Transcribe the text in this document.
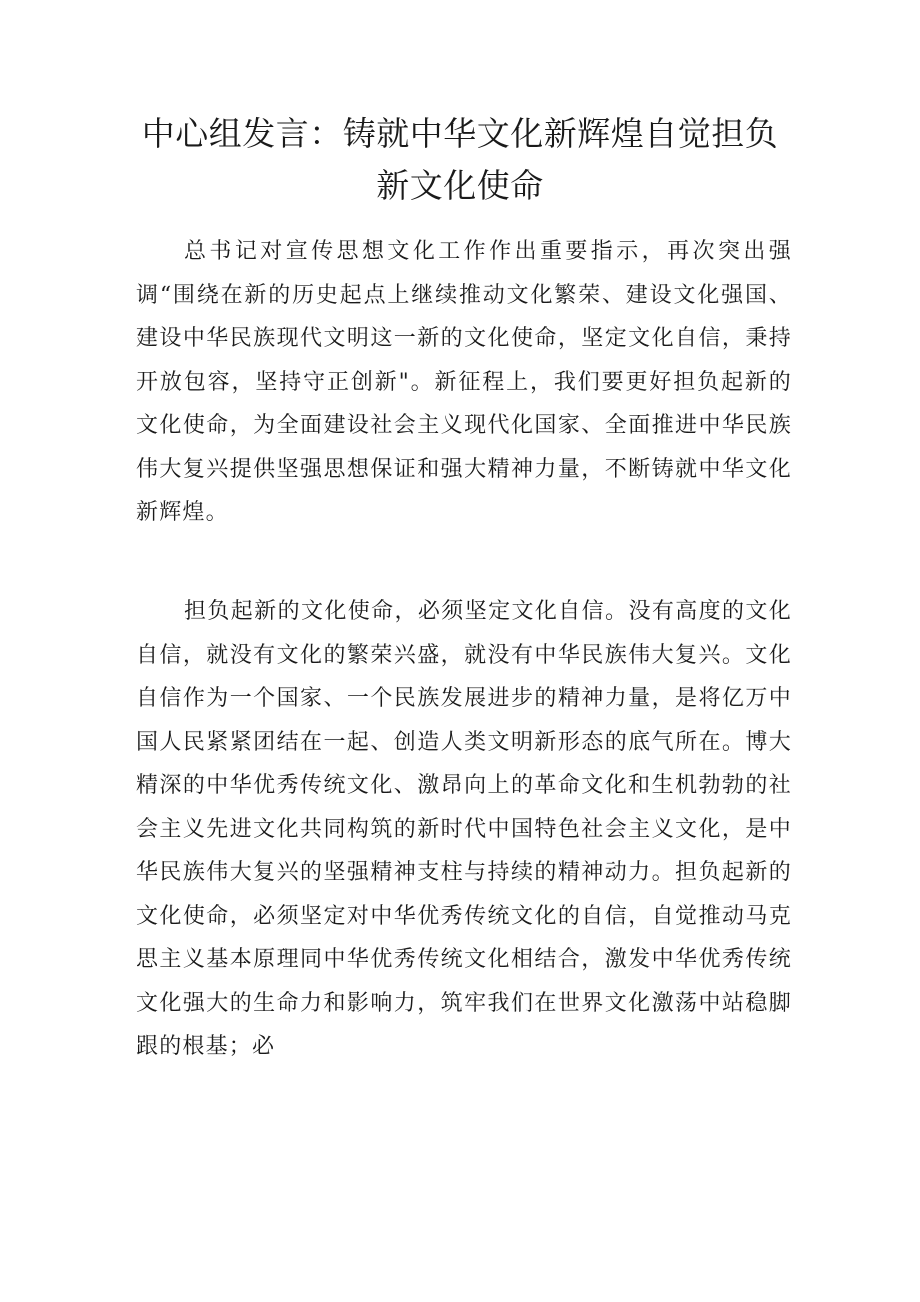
中心组发言：铸就中华文化新辉煌自觉担负新文化使命

总书记对宣传思想文化工作作出重要指示，再次突出强调“围绕在新的历史起点上继续推动文化繁荣、建设文化强国、建设中华民族现代文明这一新的文化使命，坚定文化自信，秉持开放包容，坚持守正创新"。新征程上，我们要更好担负起新的文化使命，为全面建设社会主义现代化国家、全面推进中华民族伟大复兴提供坚强思想保证和强大精神力量，不断铸就中华文化新辉煌。

担负起新的文化使命，必须坚定文化自信。没有高度的文化自信，就没有文化的繁荣兴盛，就没有中华民族伟大复兴。文化自信作为一个国家、一个民族发展进步的精神力量，是将亿万中国人民紧紧团结在一起、创造人类文明新形态的底气所在。博大精深的中华优秀传统文化、激昂向上的革命文化和生机勃勃的社会主义先进文化共同构筑的新时代中国特色社会主义文化，是中华民族伟大复兴的坚强精神支柱与持续的精神动力。担负起新的文化使命，必须坚定对中华优秀传统文化的自信，自觉推动马克思主义基本原理同中华优秀传统文化相结合，激发中华优秀传统文化强大的生命力和影响力，筑牢我们在世界文化激荡中站稳脚跟的根基；必
